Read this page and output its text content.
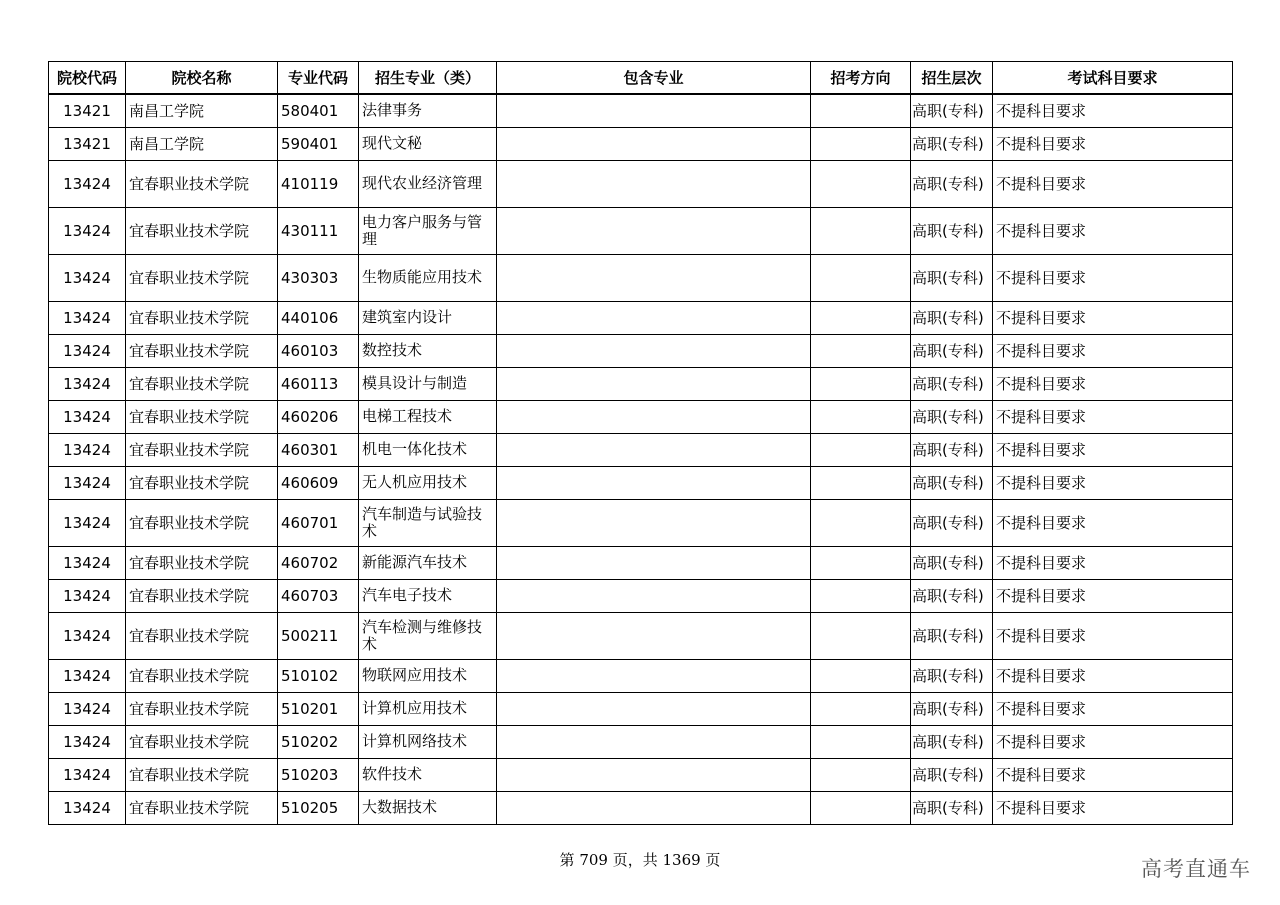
院校代码	院校名称	专业代码	招生专业（类）	包含专业	招考方向	招生层次	考试科目要求
13421	南昌工学院	580401	法律事务			高职(专科)	不提科目要求
13421	南昌工学院	590401	现代文秘			高职(专科)	不提科目要求
13424	宜春职业技术学院	410119	现代农业经济管理			高职(专科)	不提科目要求
13424	宜春职业技术学院	430111	电力客户服务与管理			高职(专科)	不提科目要求
13424	宜春职业技术学院	430303	生物质能应用技术			高职(专科)	不提科目要求
13424	宜春职业技术学院	440106	建筑室内设计			高职(专科)	不提科目要求
13424	宜春职业技术学院	460103	数控技术			高职(专科)	不提科目要求
13424	宜春职业技术学院	460113	模具设计与制造			高职(专科)	不提科目要求
13424	宜春职业技术学院	460206	电梯工程技术			高职(专科)	不提科目要求
13424	宜春职业技术学院	460301	机电一体化技术			高职(专科)	不提科目要求
13424	宜春职业技术学院	460609	无人机应用技术			高职(专科)	不提科目要求
13424	宜春职业技术学院	460701	汽车制造与试验技术			高职(专科)	不提科目要求
13424	宜春职业技术学院	460702	新能源汽车技术			高职(专科)	不提科目要求
13424	宜春职业技术学院	460703	汽车电子技术			高职(专科)	不提科目要求
13424	宜春职业技术学院	500211	汽车检测与维修技术			高职(专科)	不提科目要求
13424	宜春职业技术学院	510102	物联网应用技术			高职(专科)	不提科目要求
13424	宜春职业技术学院	510201	计算机应用技术			高职(专科)	不提科目要求
13424	宜春职业技术学院	510202	计算机网络技术			高职(专科)	不提科目要求
13424	宜春职业技术学院	510203	软件技术			高职(专科)	不提科目要求
13424	宜春职业技术学院	510205	大数据技术			高职(专科)	不提科目要求
第 709 页，共 1369 页	高考直通车
